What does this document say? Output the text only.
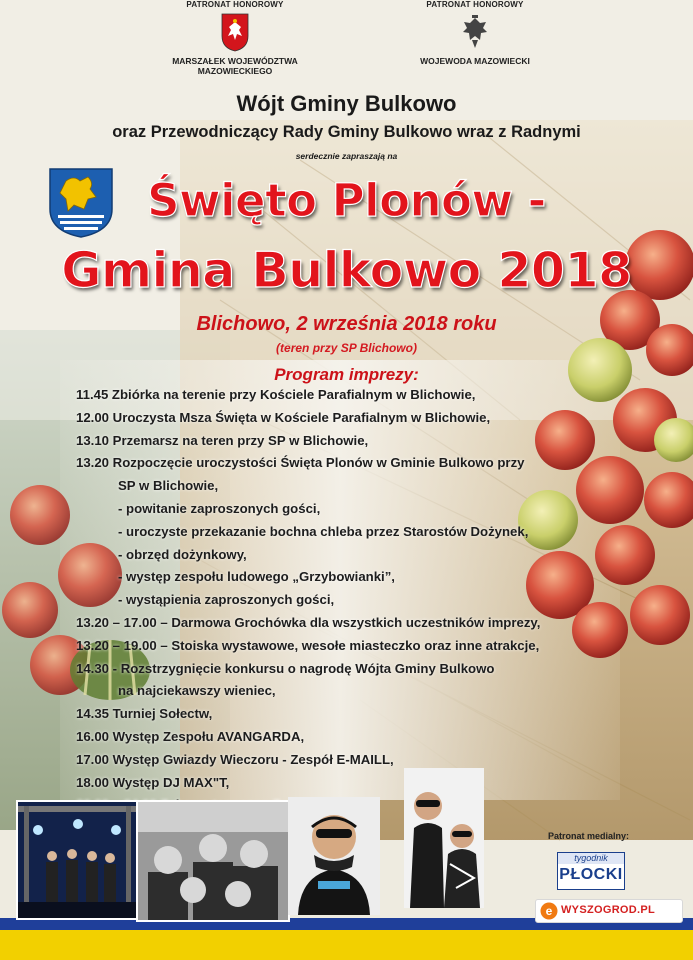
PATRONAT HONOROWY
MARSZAŁEK WOJEWÓDZTWA MAZOWIECKIEGO
PATRONAT HONOROWY
WOJEWODA MAZOWIECKI
Wójt Gminy Bulkowo
oraz Przewodniczący Rady Gminy Bulkowo wraz z Radnymi
serdecznie zapraszają na
Święto Plonów -
Gmina Bulkowo 2018
Blichowo, 2 września 2018 roku
(teren przy SP Blichowo)
Program imprezy:
11.45 Zbiórka na terenie przy Kościele Parafialnym w Blichowie,
12.00 Uroczysta Msza Święta w Kościele Parafialnym w Blichowie,
13.10 Przemarsz na teren przy SP w Blichowie,
13.20 Rozpoczęcie uroczystości Święta Plonów w Gminie Bulkowo przy
SP w Blichowie,
- powitanie zaproszonych gości,
- uroczyste przekazanie bochna chleba przez Starostów Dożynek,
- obrzęd dożynkowy,
- występ zespołu ludowego „Grzybowianki”,
- wystąpienia zaproszonych gości,
13.20 – 17.00 – Darmowa Grochówka dla wszystkich uczestników imprezy,
13.20 – 19.00 – Stoiska wystawowe, wesołe miasteczko oraz inne atrakcje,
14.30 - Rozstrzygnięcie konkursu o nagrodę Wójta Gminy Bulkowo
na najciekawszy wieniec,
14.35 Turniej Sołectw,
16.00 Występ Zespołu AVANGARDA,
17.00 Występ Gwiazdy Wieczoru - Zespół E-MAILL,
18.00 Występ DJ MAX"T,
Patronat medialny:
tygodnik
PŁOCKI
e WYSZOGROD.PL
